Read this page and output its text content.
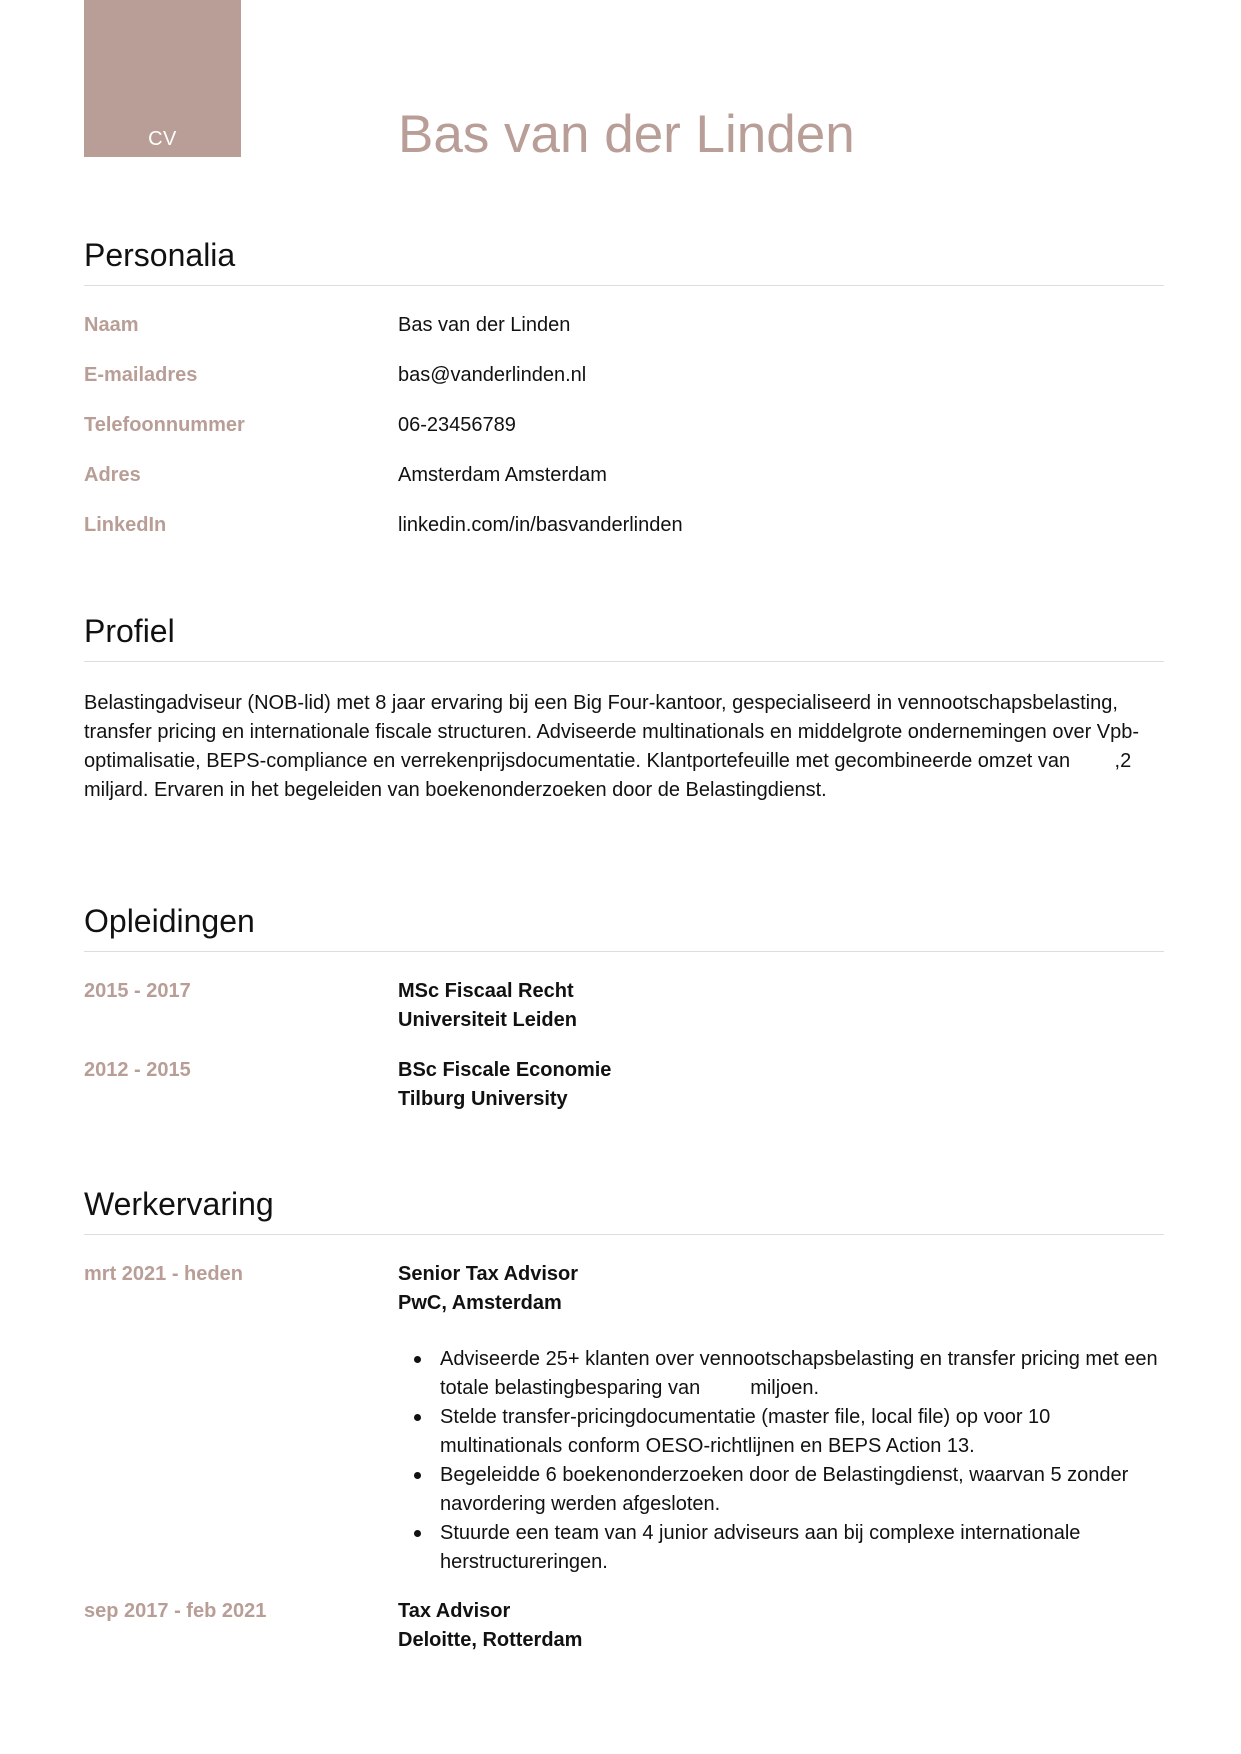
CV	Bas van der Linden
Personalia
Naam	Bas van der Linden
E-mailadres	bas@vanderlinden.nl
Telefoonnummer	06-23456789
Adres	Amsterdam Amsterdam
LinkedIn	linkedin.com/in/basvanderlinden
Profiel

Belastingadviseur (NOB-lid) met 8 jaar ervaring bij een Big Four-kantoor, gespecialiseerd in vennootschapsbelasting, transfer pricing en internationale fiscale structuren. Adviseerde multinationals en middelgrote ondernemingen over Vpb-optimalisatie, BEPS-compliance en verrekenprijsdocumentatie. Klantportefeuille met gecombineerde omzet van        ,2 miljard. Ervaren in het begeleiden van boekenonderzoeken door de Belastingdienst.

Opleidingen
2015 - 2017	MSc Fiscaal Recht
Universiteit Leiden
2012 - 2015	BSc Fiscale Economie
Tilburg University
Werkervaring
mrt 2021 - heden	Senior Tax Advisor
PwC, Amsterdam
Adviseerde 25+ klanten over vennootschapsbelasting en transfer pricing met een totale belastingbesparing van         miljoen.
Stelde transfer-pricingdocumentatie (master file, local file) op voor 10 multinationals conform OESO-richtlijnen en BEPS Action 13.
Begeleidde 6 boekenonderzoeken door de Belastingdienst, waarvan 5 zonder navordering werden afgesloten.
Stuurde een team van 4 junior adviseurs aan bij complexe internationale herstructureringen.
sep 2017 - feb 2021	Tax Advisor
Deloitte, Rotterdam
